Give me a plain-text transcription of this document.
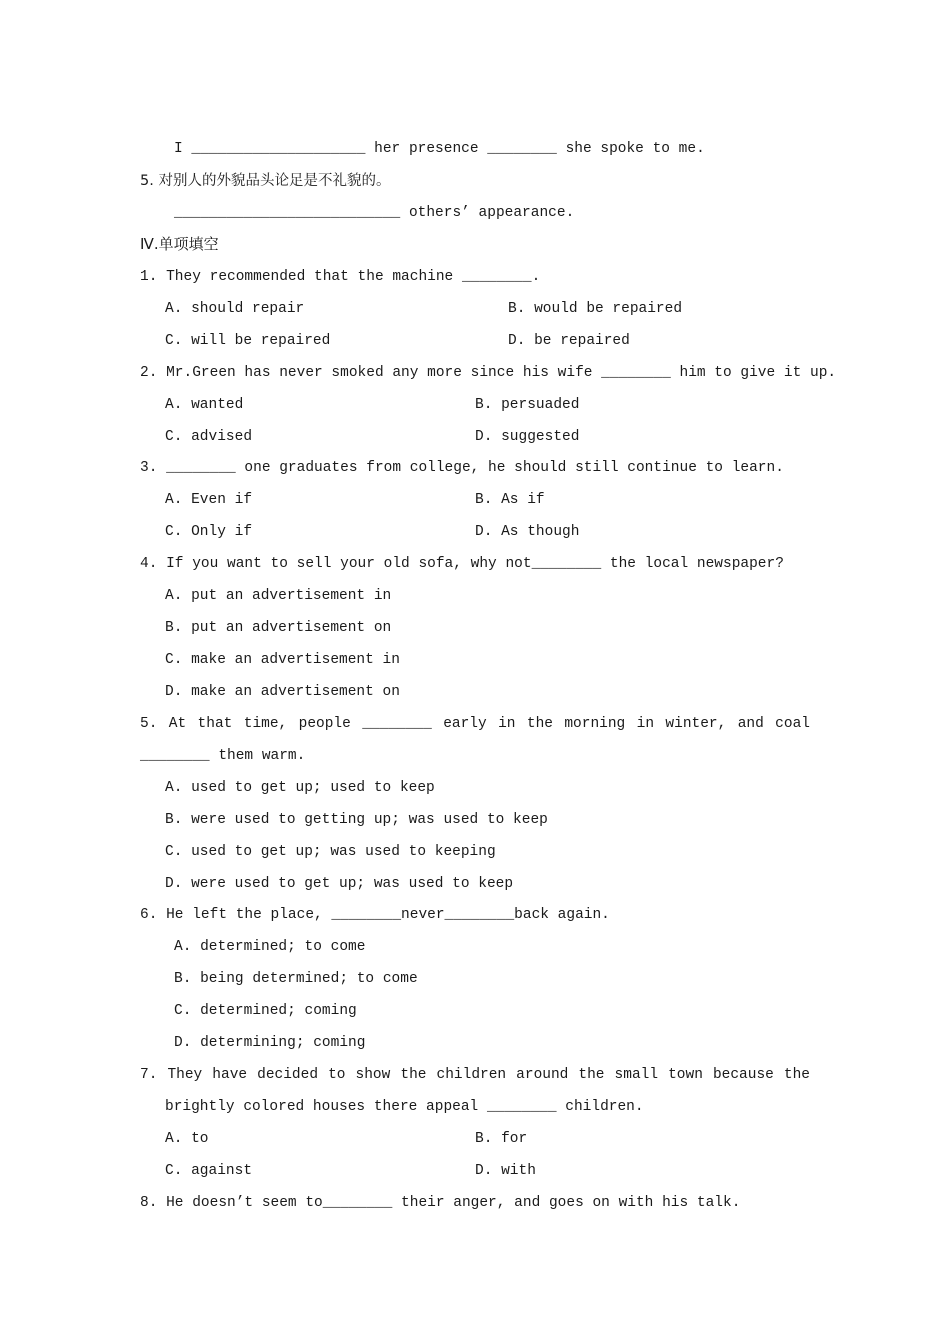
I ____________________ her presence ________ she spoke to me.
5. 对别人的外貌品头论足是不礼貌的。
__________________________ others’ appearance.
Ⅳ.单项填空
1. They recommended that the machine ________.
A. should repair	B. would be repaired
C. will be repaired	D. be repaired
2. Mr.Green has never smoked any more since his wife ________ him to give it up.
A. wanted	B. persuaded
C. advised	D. suggested
3. ________ one graduates from college, he should still continue to learn.
A. Even if	B. As if
C. Only if	D. As though
4. If you want to sell your old sofa, why not________ the local newspaper?
A. put an advertisement in
B. put an advertisement on
C. make an advertisement in
D. make an advertisement on
5. At that time, people ________ early in the morning in winter, and coal
________ them warm.
A. used to get up; used to keep
B. were used to getting up; was used to keep
C. used to get up; was used to keeping
D. were used to get up; was used to keep
6. He left the place, ________never________back again.
A. determined; to come
B. being determined; to come
C. determined; coming
D. determining; coming
7. They have decided to show the children around the small town because the
brightly colored houses there appeal ________ children.
A. to	B. for
C. against	D. with
8. He doesn’t seem to________ their anger, and goes on with his talk.
